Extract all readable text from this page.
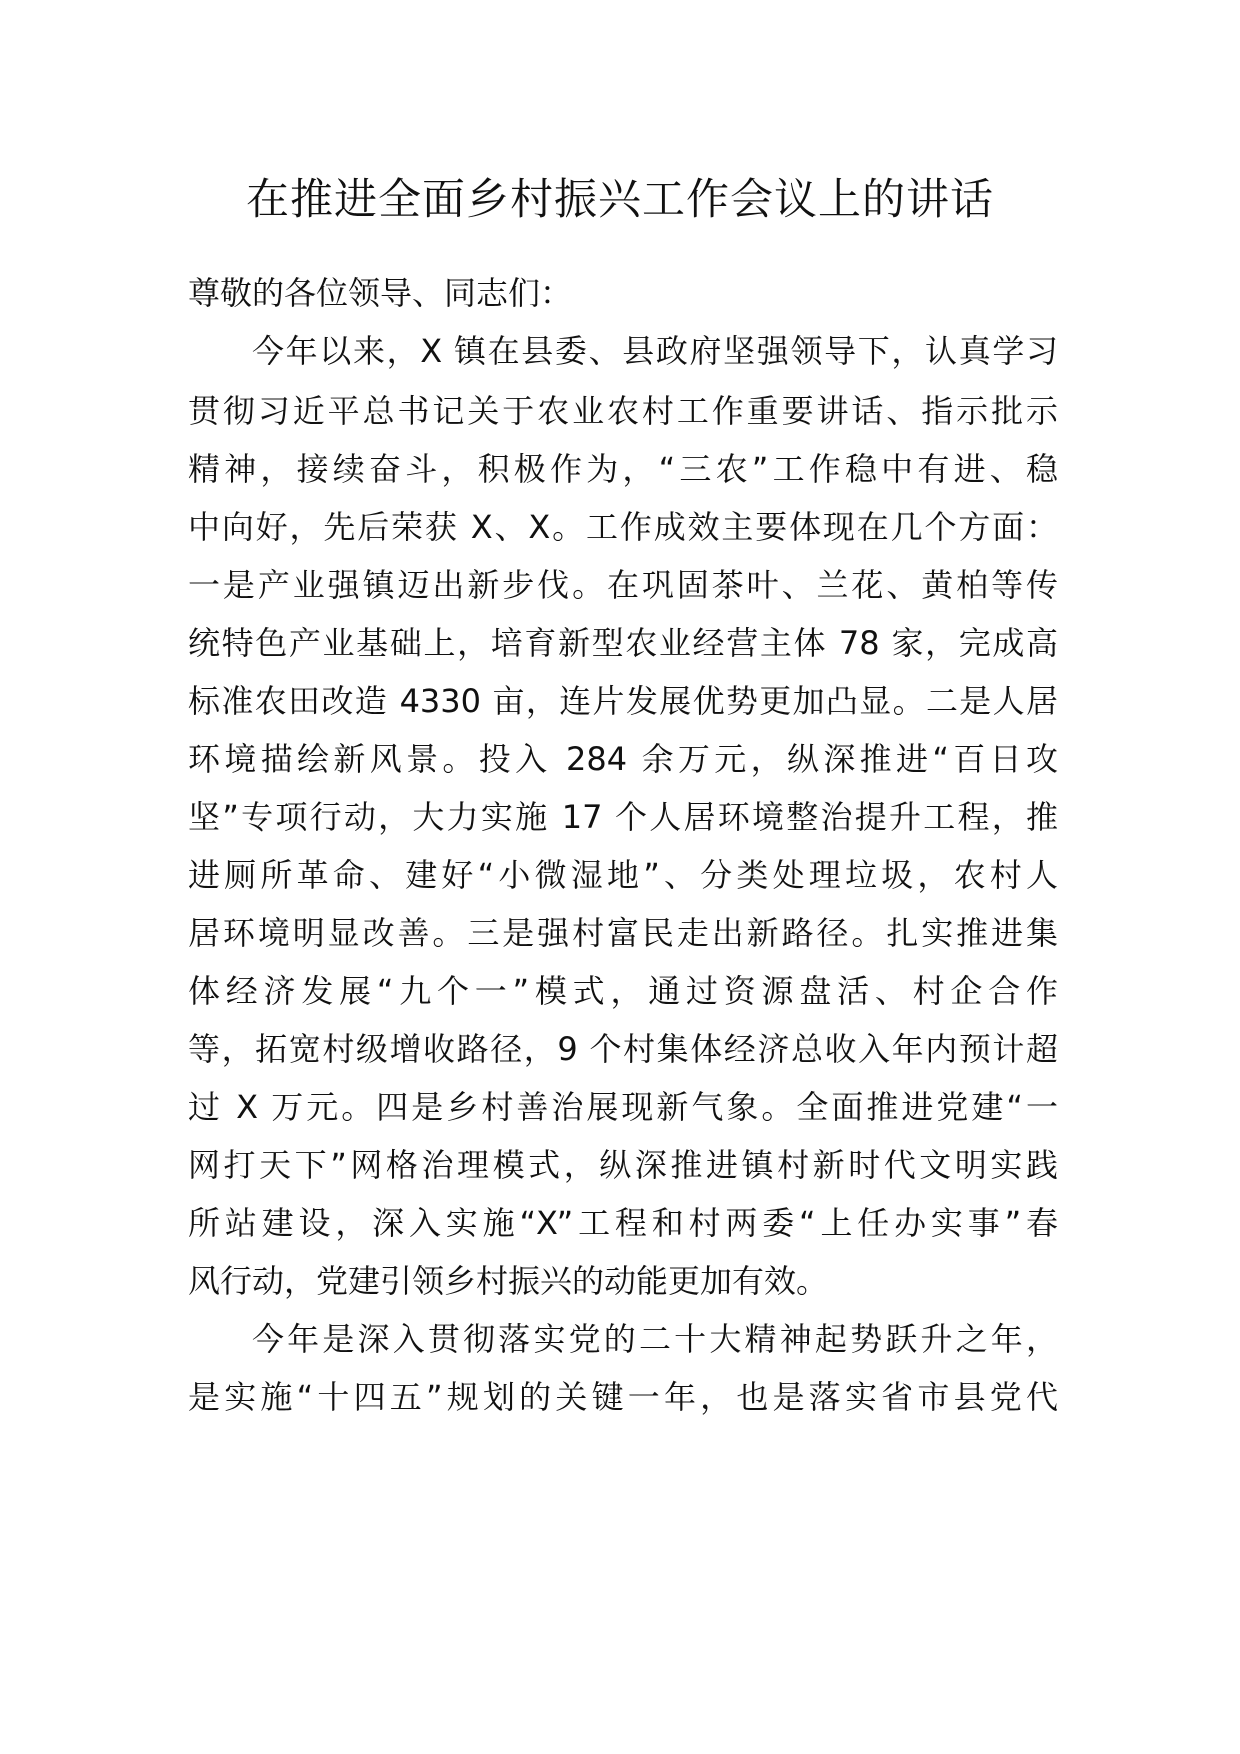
在推进全面乡村振兴工作会议上的讲话

尊敬的各位领导、同志们：

今年以来，X 镇在县委、县政府坚强领导下，认真学习

贯彻习近平总书记关于农业农村工作重要讲话、指示批示

精神，接续奋斗，积极作为，“三农”工作稳中有进、稳

中向好，先后荣获 X、X。工作成效主要体现在几个方面：

一是产业强镇迈出新步伐。在巩固茶叶、兰花、黄柏等传

统特色产业基础上，培育新型农业经营主体 78 家，完成高

标准农田改造 4330 亩，连片发展优势更加凸显。二是人居

环境描绘新风景。投入 284 余万元，纵深推进“百日攻

坚”专项行动，大力实施 17 个人居环境整治提升工程，推

进厕所革命、建好“小微湿地”、分类处理垃圾，农村人

居环境明显改善。三是强村富民走出新路径。扎实推进集

体经济发展“九个一”模式，通过资源盘活、村企合作

等，拓宽村级增收路径，9 个村集体经济总收入年内预计超

过 X 万元。四是乡村善治展现新气象。全面推进党建“一

网打天下”网格治理模式，纵深推进镇村新时代文明实践

所站建设，深入实施“X”工程和村两委“上任办实事”春

风行动，党建引领乡村振兴的动能更加有效。

今年是深入贯彻落实党的二十大精神起势跃升之年，

是实施“十四五”规划的关键一年，也是落实省市县党代
